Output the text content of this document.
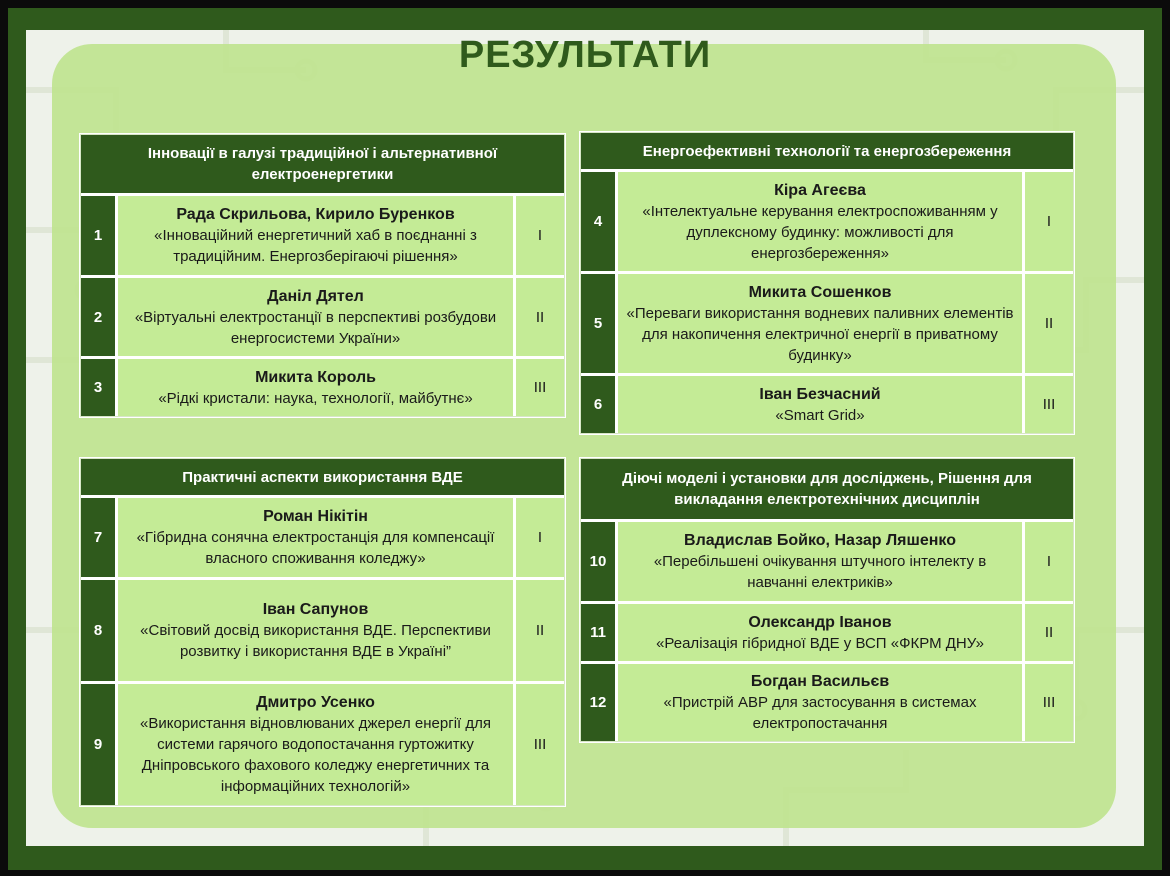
РЕЗУЛЬТАТИ
Інновації в галузі традиційної і альтернативної електроенергетики
1
Рада Скрильова, Кирило Буренков
«Інноваційний енергетичний хаб в поєднанні з традиційним. Енергозберігаючі рішення»
I
2
Даніл Дятел
«Віртуальні електростанції в перспективі розбудови енергосистеми України»
II
3
Микита Король
«Рідкі кристали: наука, технології, майбутнє»
III
Енергоефективні технології та енергозбереження
4
Кіра Агеєва
«Інтелектуальне керування електроспоживанням у дуплексному будинку: можливості для енергозбереження»
I
5
Микита Сошенков
«Переваги використання водневих паливних елементів для накопичення електричної енергії в приватному будинку»
II
6
Іван Безчасний
«Smart Grid»
III
Практичні аспекти використання ВДЕ
7
Роман Нікітін
«Гібридна сонячна електростанція для компенсації власного споживання коледжу»
I
8
Іван Сапунов
«Світовий досвід використання ВДЕ. Перспективи розвитку і використання ВДЕ в Україні”
II
9
Дмитро Усенко
«Використання відновлюваних джерел енергії для системи гарячого водопостачання гуртожитку Дніпровського фахового коледжу енергетичних та інформаційних технологій»
III
Діючі моделі і установки для досліджень, Рішення для викладання електротехнічних дисциплін
10
Владислав Бойко, Назар Ляшенко
«Перебільшені очікування штучного інтелекту в навчанні електриків»
I
11
Олександр Іванов
«Реалізація гібридної ВДЕ у ВСП «ФКРМ ДНУ»
II
12
Богдан Васильєв
«Пристрій АВР для застосування в системах електропостачання
III
